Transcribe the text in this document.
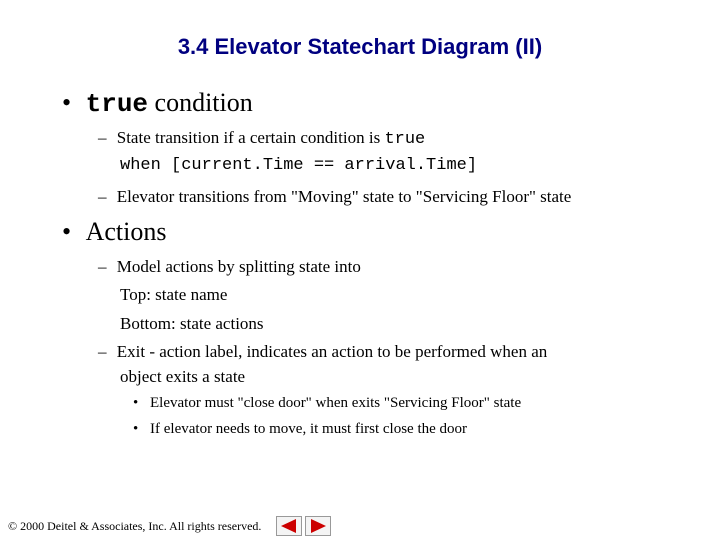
3.4 Elevator Statechart Diagram (II)
• true condition
– State transition if a certain condition is true
when [current.Time == arrival.Time]
– Elevator transitions from "Moving" state to "Servicing Floor" state
• Actions
– Model actions by splitting state into
Top: state name
Bottom: state actions
– Exit - action label, indicates an action to be performed when an
object exits a state
• Elevator must "close door" when exits "Servicing Floor" state
• If elevator needs to move, it must first close the door
© 2000 Deitel & Associates, Inc. All rights reserved.
